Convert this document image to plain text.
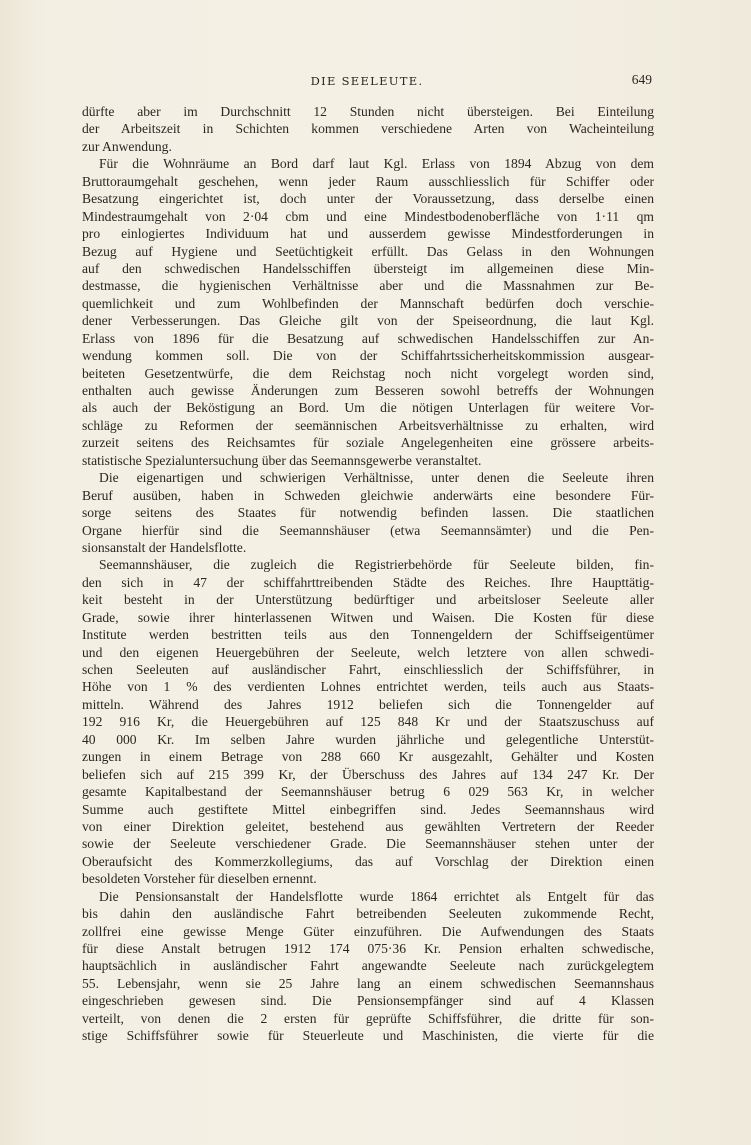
DIE SEELEUTE.	649
dürfte aber im Durchschnitt 12 Stunden nicht übersteigen. Bei Einteilung
der Arbeitszeit in Schichten kommen verschiedene Arten von Wacheinteilung
zur Anwendung.
Für die Wohnräume an Bord darf laut Kgl. Erlass von 1894 Abzug von dem
Bruttoraumgehalt geschehen, wenn jeder Raum ausschliesslich für Schiffer oder
Besatzung eingerichtet ist, doch unter der Voraussetzung, dass derselbe einen
Mindestraumgehalt von 2·04 cbm und eine Mindestbodenoberfläche von 1·11 qm
pro einlogiertes Individuum hat und ausserdem gewisse Mindestforderungen in
Bezug auf Hygiene und Seetüchtigkeit erfüllt. Das Gelass in den Wohnungen
auf den schwedischen Handelsschiffen übersteigt im allgemeinen diese Min-
destmasse, die hygienischen Verhältnisse aber und die Massnahmen zur Be-
quemlichkeit und zum Wohlbefinden der Mannschaft bedürfen doch verschie-
dener Verbesserungen. Das Gleiche gilt von der Speiseordnung, die laut Kgl.
Erlass von 1896 für die Besatzung auf schwedischen Handelsschiffen zur An-
wendung kommen soll. Die von der Schiffahrtssicherheitskommission ausgear-
beiteten Gesetzentwürfe, die dem Reichstag noch nicht vorgelegt worden sind,
enthalten auch gewisse Änderungen zum Besseren sowohl betreffs der Wohnungen
als auch der Beköstigung an Bord. Um die nötigen Unterlagen für weitere Vor-
schläge zu Reformen der seemännischen Arbeitsverhältnisse zu erhalten, wird
zurzeit seitens des Reichsamtes für soziale Angelegenheiten eine grössere arbeits-
statistische Spezialuntersuchung über das Seemannsgewerbe veranstaltet.
Die eigenartigen und schwierigen Verhältnisse, unter denen die Seeleute ihren
Beruf ausüben, haben in Schweden gleichwie anderwärts eine besondere Für-
sorge seitens des Staates für notwendig befinden lassen. Die staatlichen
Organe hierfür sind die Seemannshäuser (etwa Seemannsämter) und die Pen-
sionsanstalt der Handelsflotte.
Seemannshäuser, die zugleich die Registrierbehörde für Seeleute bilden, fin-
den sich in 47 der schiffahrttreibenden Städte des Reiches. Ihre Haupttätig-
keit besteht in der Unterstützung bedürftiger und arbeitsloser Seeleute aller
Grade, sowie ihrer hinterlassenen Witwen und Waisen. Die Kosten für diese
Institute werden bestritten teils aus den Tonnengeldern der Schiffseigentümer
und den eigenen Heuergebühren der Seeleute, welch letztere von allen schwedi-
schen Seeleuten auf ausländischer Fahrt, einschliesslich der Schiffsführer, in
Höhe von 1 % des verdienten Lohnes entrichtet werden, teils auch aus Staats-
mitteln. Während des Jahres 1912 beliefen sich die Tonnengelder auf
192 916 Kr, die Heuergebühren auf 125 848 Kr und der Staatszuschuss auf
40 000 Kr. Im selben Jahre wurden jährliche und gelegentliche Unterstüt-
zungen in einem Betrage von 288 660 Kr ausgezahlt, Gehälter und Kosten
beliefen sich auf 215 399 Kr, der Überschuss des Jahres auf 134 247 Kr. Der
gesamte Kapitalbestand der Seemannshäuser betrug 6 029 563 Kr, in welcher
Summe auch gestiftete Mittel einbegriffen sind. Jedes Seemannshaus wird
von einer Direktion geleitet, bestehend aus gewählten Vertretern der Reeder
sowie der Seeleute verschiedener Grade. Die Seemannshäuser stehen unter der
Oberaufsicht des Kommerzkollegiums, das auf Vorschlag der Direktion einen
besoldeten Vorsteher für dieselben ernennt.
Die Pensionsanstalt der Handelsflotte wurde 1864 errichtet als Entgelt für das
bis dahin den ausländische Fahrt betreibenden Seeleuten zukommende Recht,
zollfrei eine gewisse Menge Güter einzuführen. Die Aufwendungen des Staats
für diese Anstalt betrugen 1912 174 075·36 Kr. Pension erhalten schwedische,
hauptsächlich in ausländischer Fahrt angewandte Seeleute nach zurückgelegtem
55. Lebensjahr, wenn sie 25 Jahre lang an einem schwedischen Seemannshaus
eingeschrieben gewesen sind. Die Pensionsempfänger sind auf 4 Klassen
verteilt, von denen die 2 ersten für geprüfte Schiffsführer, die dritte für son-
stige Schiffsführer sowie für Steuerleute und Maschinisten, die vierte für die
